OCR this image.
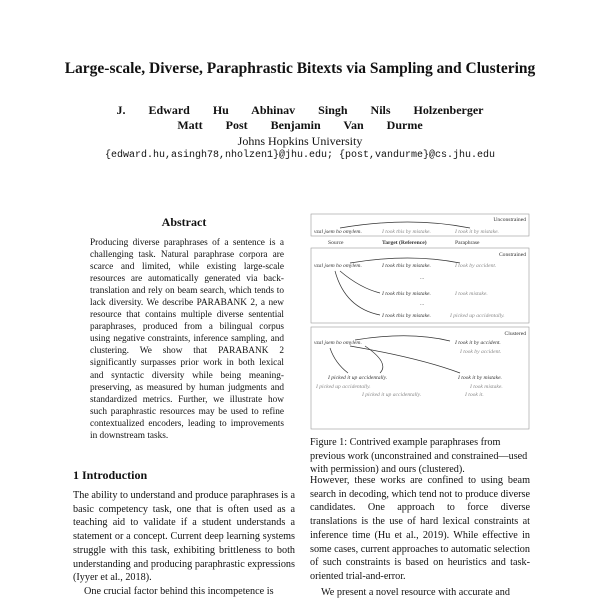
Large-scale, Diverse, Paraphrastic Bitexts via Sampling and Clustering
J. Edward Hu Abhinav Singh Nils Holzenberger
Matt Post Benjamin Van Durme
Johns Hopkins University
{edward.hu,asingh78,nholzen1}@jhu.edu; {post,vandurme}@cs.jhu.edu
Abstract
Producing diverse paraphrases of a sentence is a challenging task. Natural paraphrase corpora are scarce and limited, while existing large-scale resources are automatically generated via back-translation and rely on beam search, which tends to lack diversity. We describe PARABANK 2, a new resource that contains multiple diverse sentential paraphrases, produced from a bilingual corpus using negative constraints, inference sampling, and clustering. We show that PARABANK 2 significantly surpasses prior work in both lexical and syntactic diversity while being meaning-preserving, as measured by human judgments and standardized metrics. Further, we illustrate how such paraphrastic resources may be used to refine contextualized encoders, leading to improvements in downstream tasks.
1 Introduction

The ability to understand and produce paraphrases is a basic competency task, one that is often used as a teaching aid to validate if a student understands a statement or a concept. Current deep learning systems struggle with this task, exhibiting brittleness to both understanding and producing paraphrastic expressions (Iyyer et al., 2018).

One crucial factor behind this incompetence is

Unconstrained
vzal jsem ho omylem.	I took this by mistake.	I took it by mistake.
Source	Target (Reference)	Paraphrase
Constrained
vzal jsem ho omylem.	I took this by mistake.	I took by accident.
...
I took this by mistake.	I took mistake.
...
I took this by mistake.	I picked up accidentally.
Clustered
vzal jsem ho omylem.	I took it by accident.
I took by accident.
I picked it up accidentally.
I picked up accidentally.
I picked it up accidentally.
I took it by mistake.
I took mistake.
I took it.
Figure 1: Contrived example paraphrases from previous work (unconstrained and constrained—used with permission) and ours (clustered).

However, these works are confined to using beam search in decoding, which tend not to produce diverse candidates. One approach to force diverse translations is the use of hard lexical constraints at inference time (Hu et al., 2019). While effective in some cases, current approaches to automatic selection of such constraints is based on heuristics and task-oriented trial-and-error.

We present a novel resource with accurate and
